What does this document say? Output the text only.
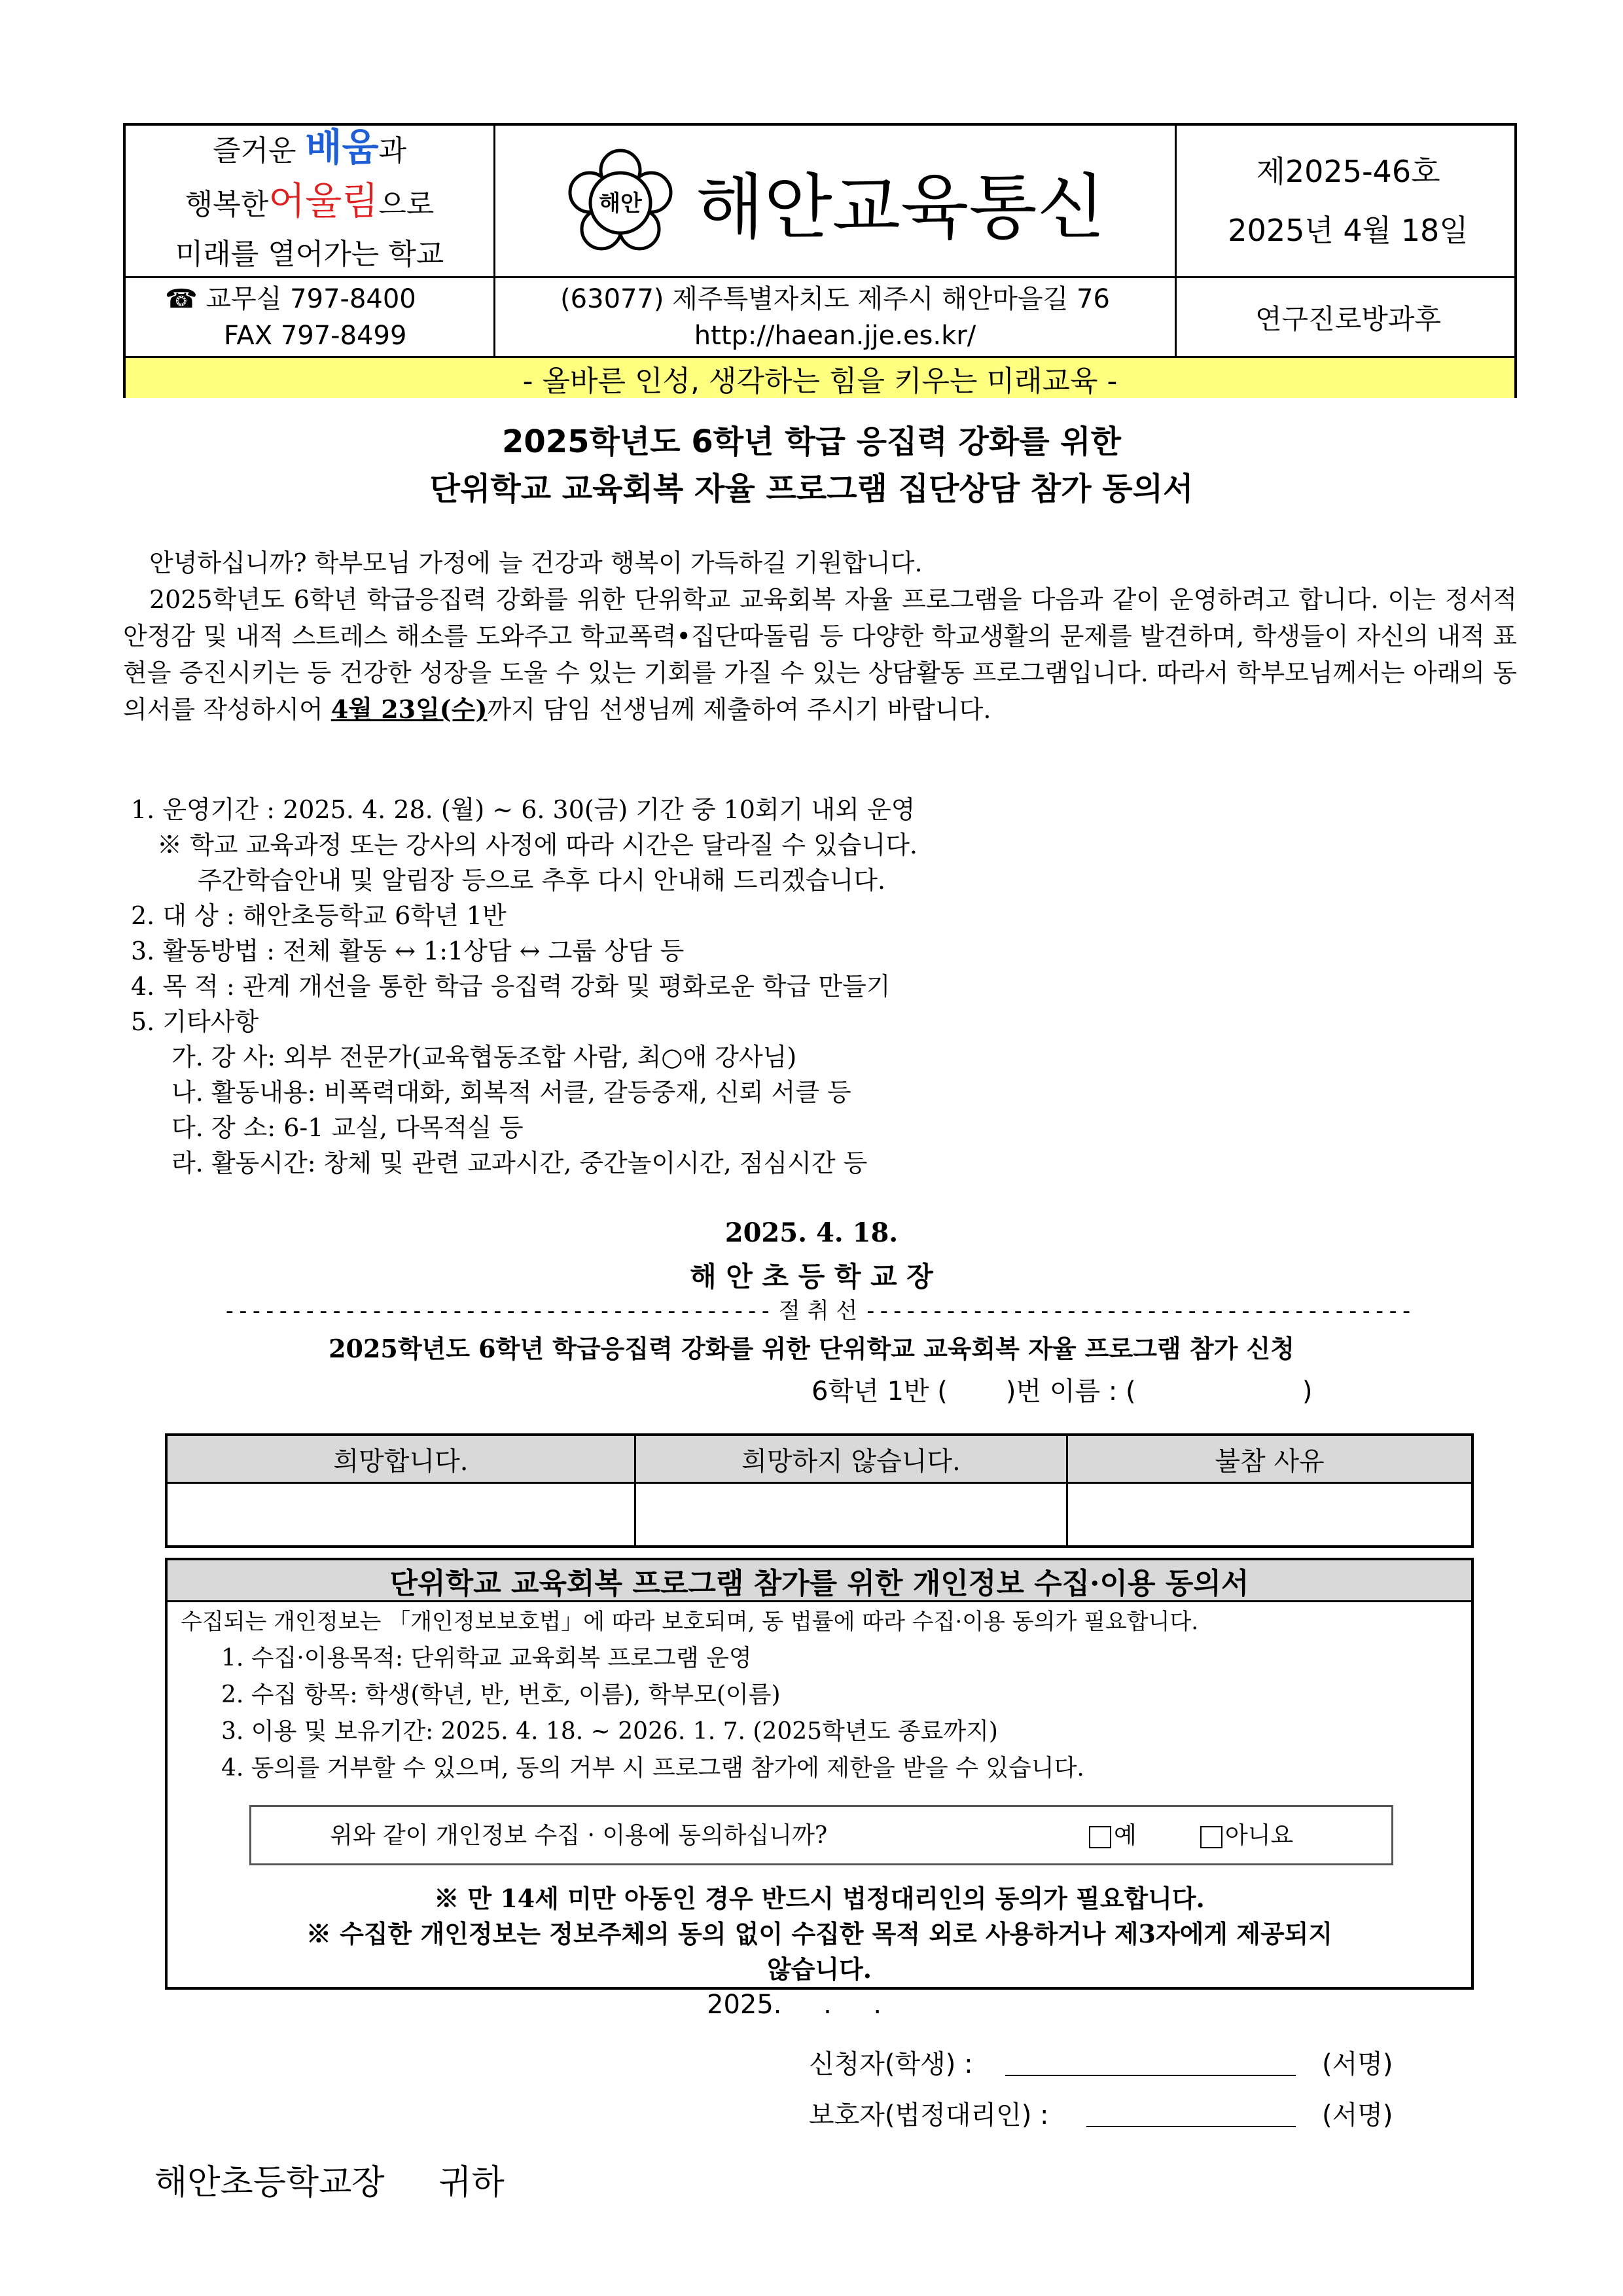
즐거운 배움과
행복한어울림으로
미래를 열어가는 학교
해안 해안교육통신	제2025-46호
2025년 4월 18일
☎ 교무실 797-8400
FAX 797-8499
(63077) 제주특별자치도 제주시 해안마을길 76
http://haean.jje.es.kr/
연구진로방과후
- 올바른 인성, 생각하는 힘을 키우는 미래교육 -
2025학년도 6학년 학급 응집력 강화를 위한
단위학교 교육회복 자율 프로그램 집단상담 참가 동의서
안녕하십니까? 학부모님 가정에 늘 건강과 행복이 가득하길 기원합니다.
2025학년도 6학년 학급응집력 강화를 위한 단위학교 교육회복 자율 프로그램을 다음과 같이 운영하려고 합니다. 이는 정서적 안정감 및 내적 스트레스 해소를 도와주고 학교폭력•집단따돌림 등 다양한 학교생활의 문제를 발견하며, 학생들이 자신의 내적 표현을 증진시키는 등 건강한 성장을 도울 수 있는 기회를 가질 수 있는 상담활동 프로그램입니다. 따라서 학부모님께서는 아래의 동의서를 작성하시어 4월 23일(수)까지 담임 선생님께 제출하여 주시기 바랍니다.
1. 운영기간 : 2025. 4. 28. (월) ~ 6. 30(금) 기간 중 10회기 내외 운영
※ 학교 교육과정 또는 강사의 사정에 따라 시간은 달라질 수 있습니다.
주간학습안내 및 알림장 등으로 추후 다시 안내해 드리겠습니다.
2. 대 상 : 해안초등학교 6학년 1반
3. 활동방법 : 전체 활동 ↔ 1:1상담 ↔ 그룹 상담 등
4. 목 적 : 관계 개선을 통한 학급 응집력 강화 및 평화로운 학급 만들기
5. 기타사항
가. 강 사: 외부 전문가(교육협동조합 사람, 최○애 강사님)
나. 활동내용: 비폭력대화, 회복적 서클, 갈등중재, 신뢰 서클 등
다. 장 소: 6-1 교실, 다목적실 등
라. 활동시간: 창체 및 관련 교과시간, 중간놀이시간, 점심시간 등
2025. 4. 18.
해 안 초 등 학 교 장
----------------------------------------- 절 취 선 -----------------------------------------
2025학년도 6학년 학급응집력 강화를 위한 단위학교 교육회복 자율 프로그램 참가 신청
6학년 1반 (       )번 이름 : (                    )
희망합니다.	희망하지 않습니다.	불참 사유
단위학교 교육회복 프로그램 참가를 위한 개인정보 수집·이용 동의서
수집되는 개인정보는 「개인정보보호법」에 따라 보호되며, 동 법률에 따라 수집·이용 동의가 필요합니다.
1. 수집·이용목적: 단위학교 교육회복 프로그램 운영
2. 수집 항목: 학생(학년, 반, 번호, 이름), 학부모(이름)
3. 이용 및 보유기간: 2025. 4. 18. ~ 2026. 1. 7. (2025학년도 종료까지)
4. 동의를 거부할 수 있으며, 동의 거부 시 프로그램 참가에 제한을 받을 수 있습니다.
위와 같이 개인정보 수집 · 이용에 동의하십니까?	예	아니요
※ 만 14세 미만 아동인 경우 반드시 법정대리인의 동의가 필요합니다.
※ 수집한 개인정보는 정보주체의 동의 없이 수집한 목적 외로 사용하거나 제3자에게 제공되지
않습니다.
2025.     .     .
신청자(학생) :	(서명)
보호자(법정대리인) :	(서명)
해안초등학교장     귀하
